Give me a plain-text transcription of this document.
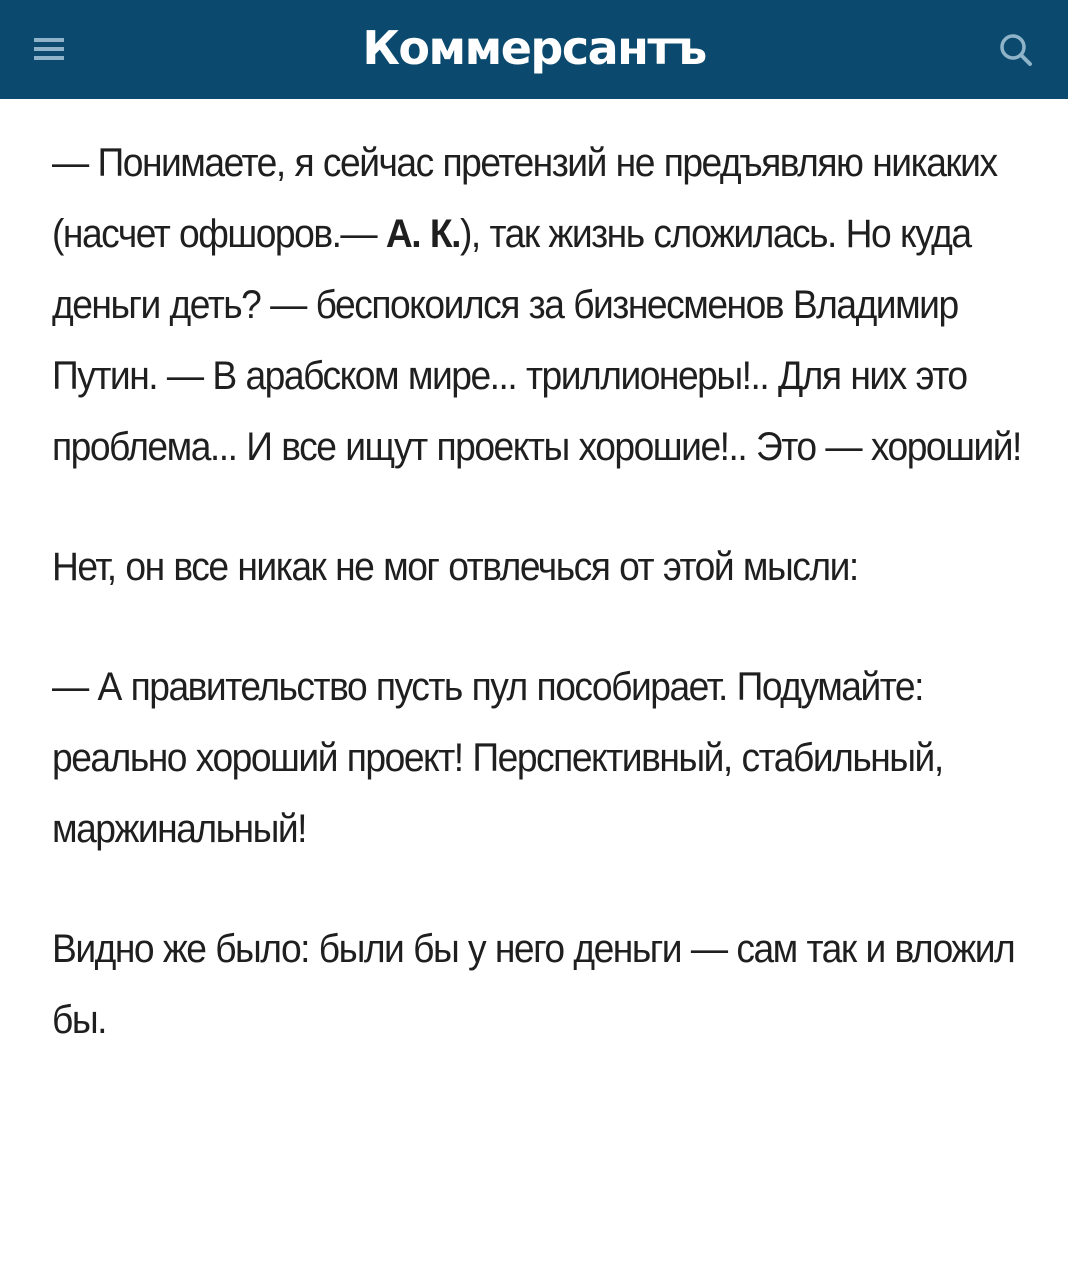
Коммерсантъ

— Понимаете, я сейчас претензий не предъявляю никаких (насчет офшоров.— А. К.), так жизнь сложилась. Но куда деньги деть? — беспокоился за бизнесменов Владимир Путин. — В арабском мире... триллионеры!.. Для них это проблема... И все ищут проекты хорошие!.. Это — хороший!

Нет, он все никак не мог отвлечься от этой мысли:

— А правительство пусть пул пособирает. Подумайте: реально хороший проект! Перспективный, стабильный, маржинальный!

Видно же было: были бы у него деньги — сам так и вложил бы.
